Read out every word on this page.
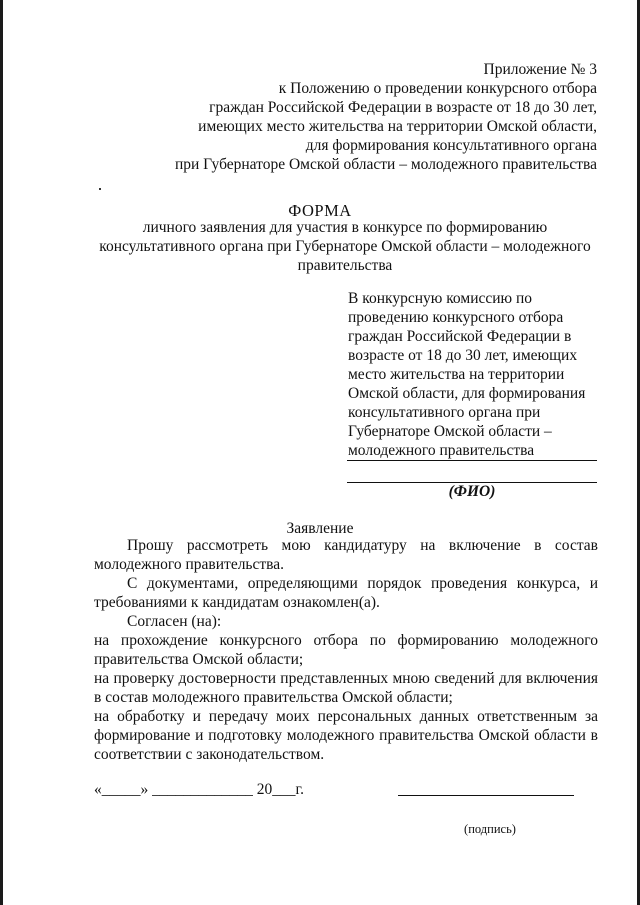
Приложение № 3
к Положению о проведении конкурсного отбора
граждан Российской Федерации в возрасте от 18 до 30 лет,
имеющих место жительства на территории Омской области,
для формирования консультативного органа
при Губернаторе Омской области – молодежного правительства
ФОРМА
личного заявления для участия в конкурсе по формированию
консультативного органа при Губернаторе Омской области – молодежного
правительства
В конкурсную комиссию по
проведению конкурсного отбора
граждан Российской Федерации в
возрасте от 18 до 30 лет, имеющих
место жительства на территории
Омской области, для формирования
консультативного органа при
Губернаторе Омской области –
молодежного правительства
(ФИО)
Заявление

Прошу рассмотреть мою кандидатуру на включение в состав молодежного правительства.

С документами, определяющими порядок проведения конкурса, и требованиями к кандидатам ознакомлен(а).

Согласен (на):

на прохождение конкурсного отбора по формированию молодежного правительства Омской области;

на проверку достоверности представленных мною сведений для включения в состав молодежного правительства Омской области;

на обработку и передачу моих персональных данных ответственным за формирование и подготовку молодежного правительства Омской области в соответствии с законодательством.

«_____» _____________ 20___г.
(подпись)
